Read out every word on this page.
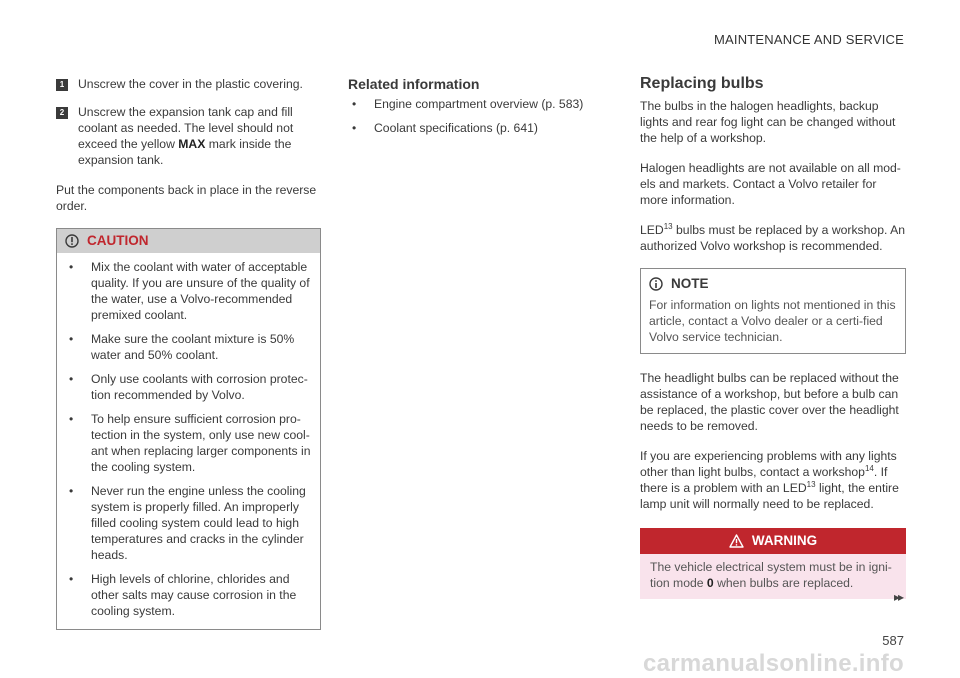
MAINTENANCE AND SERVICE
1	Unscrew the cover in the plastic covering.
2	Unscrew the expansion tank cap and fill coolant as needed. The level should not exceed the yellow MAX mark inside the expansion tank.
Put the components back in place in the reverse order.
CAUTION
• Mix the coolant with water of acceptable quality. If you are unsure of the quality of the water, use a Volvo-recommended premixed coolant.
• Make sure the coolant mixture is 50% water and 50% coolant.
• Only use coolants with corrosion protec-tion recommended by Volvo.
• To help ensure sufficient corrosion pro-tection in the system, only use new cool-ant when replacing larger components in the cooling system.
• Never run the engine unless the cooling system is properly filled. An improperly filled cooling system could lead to high temperatures and cracks in the cylinder heads.
• High levels of chlorine, chlorides and other salts may cause corrosion in the cooling system.
Related information
• Engine compartment overview (p. 583)
• Coolant specifications (p. 641)
Replacing bulbs
The bulbs in the halogen headlights, backup lights and rear fog light can be changed without the help of a workshop.
Halogen headlights are not available on all mod-els and markets. Contact a Volvo retailer for more information.
LED$^{13}$ bulbs must be replaced by a workshop. An authorized Volvo workshop is recommended.
NOTE
For information on lights not mentioned in this article, contact a Volvo dealer or a certi-fied Volvo service technician.
The headlight bulbs can be replaced without the assistance of a workshop, but before a bulb can be replaced, the plastic cover over the headlight needs to be removed.
If you are experiencing problems with any lights other than light bulbs, contact a workshop$^{14}$. If there is a problem with an LED$^{13}$ light, the entire lamp unit will normally need to be replaced.
WARNING
The vehicle electrical system must be in igni-tion mode 0 when bulbs are replaced.
▸▸
587
carmanualsonline.info
